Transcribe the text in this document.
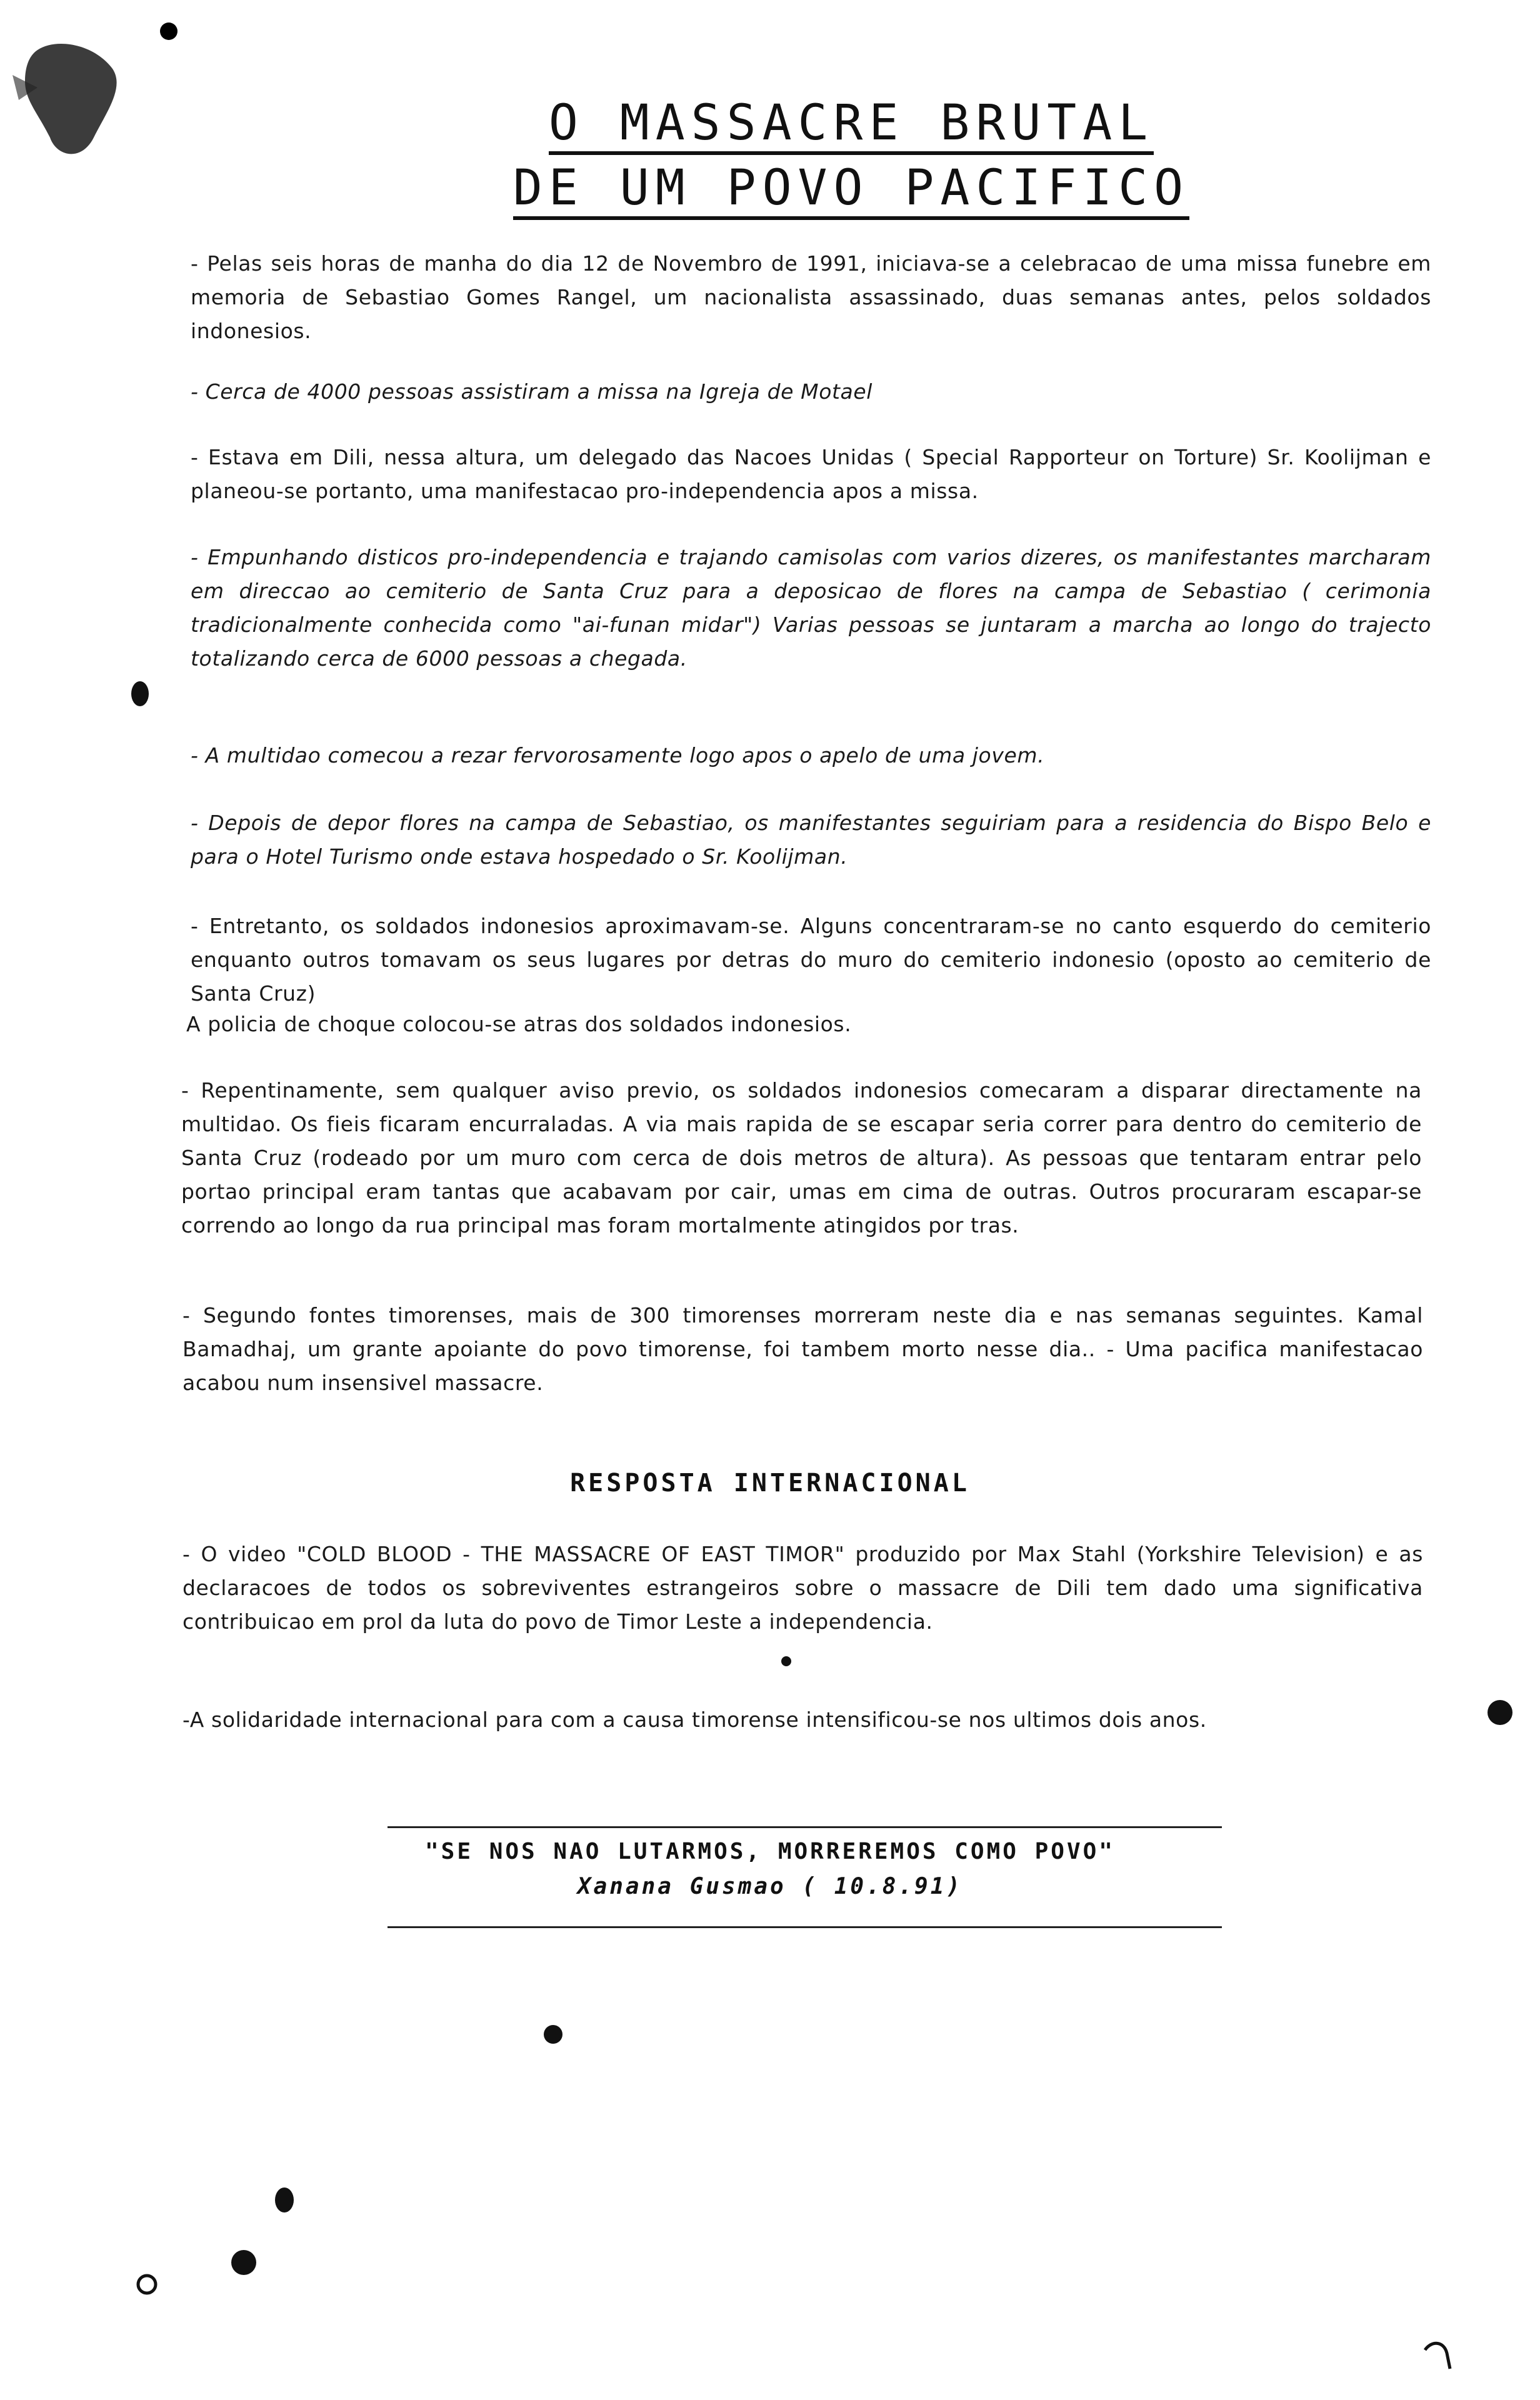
O MASSACRE BRUTAL
DE UM POVO PACIFICO
- Pelas seis horas de manha do dia 12 de Novembro de 1991, iniciava-se a celebracao de uma missa funebre em memoria de Sebastiao Gomes Rangel, um nacionalista assassinado, duas semanas antes, pelos soldados indonesios.
- Cerca de 4000 pessoas assistiram a missa na Igreja de Motael
- Estava em Dili, nessa altura, um delegado das Nacoes Unidas ( Special Rapporteur on Torture) Sr. Koolijman e planeou-se portanto, uma manifestacao pro-independencia apos a missa.
- Empunhando disticos pro-independencia e trajando camisolas com varios dizeres, os manifestantes marcharam em direccao ao cemiterio de Santa Cruz para a deposicao de flores na campa de Sebastiao ( cerimonia tradicionalmente conhecida como "ai-funan midar") Varias pessoas se juntaram a marcha ao longo do trajecto totalizando cerca de 6000 pessoas a chegada.
- A multidao comecou a rezar fervorosamente logo apos o apelo de uma jovem.
- Depois de depor flores na campa de Sebastiao, os manifestantes seguiriam para a residencia do Bispo Belo e para o Hotel Turismo onde estava hospedado o Sr. Koolijman.
- Entretanto, os soldados indonesios aproximavam-se. Alguns concentraram-se no canto esquerdo do cemiterio enquanto outros tomavam os seus lugares por detras do muro do cemiterio indonesio (oposto ao cemiterio de Santa Cruz)
A policia de choque colocou-se atras dos soldados indonesios.
- Repentinamente, sem qualquer aviso previo, os soldados indonesios comecaram a disparar directamente na multidao. Os fieis ficaram encurraladas. A via mais rapida de se escapar seria correr para dentro do cemiterio de Santa Cruz (rodeado por um muro com cerca de dois metros de altura). As pessoas que tentaram entrar pelo portao principal eram tantas que acabavam por cair, umas em cima de outras. Outros procuraram escapar-se correndo ao longo da rua principal mas foram mortalmente atingidos por tras.
- Segundo fontes timorenses, mais de 300 timorenses morreram neste dia e nas semanas seguintes. Kamal Bamadhaj, um grante apoiante do povo timorense, foi tambem morto nesse dia.. - Uma pacifica manifestacao acabou num insensivel massacre.
RESPOSTA INTERNACIONAL
- O video "COLD BLOOD - THE MASSACRE OF EAST TIMOR" produzido por Max Stahl (Yorkshire Television) e as declaracoes de todos os sobreviventes estrangeiros sobre o massacre de Dili tem dado uma significativa contribuicao em prol da luta do povo de Timor Leste a independencia.
-A solidaridade internacional para com a causa timorense intensificou-se nos ultimos dois anos.
"SE NOS NAO LUTARMOS, MORREREMOS COMO POVO"
Xanana Gusmao ( 10.8.91)
